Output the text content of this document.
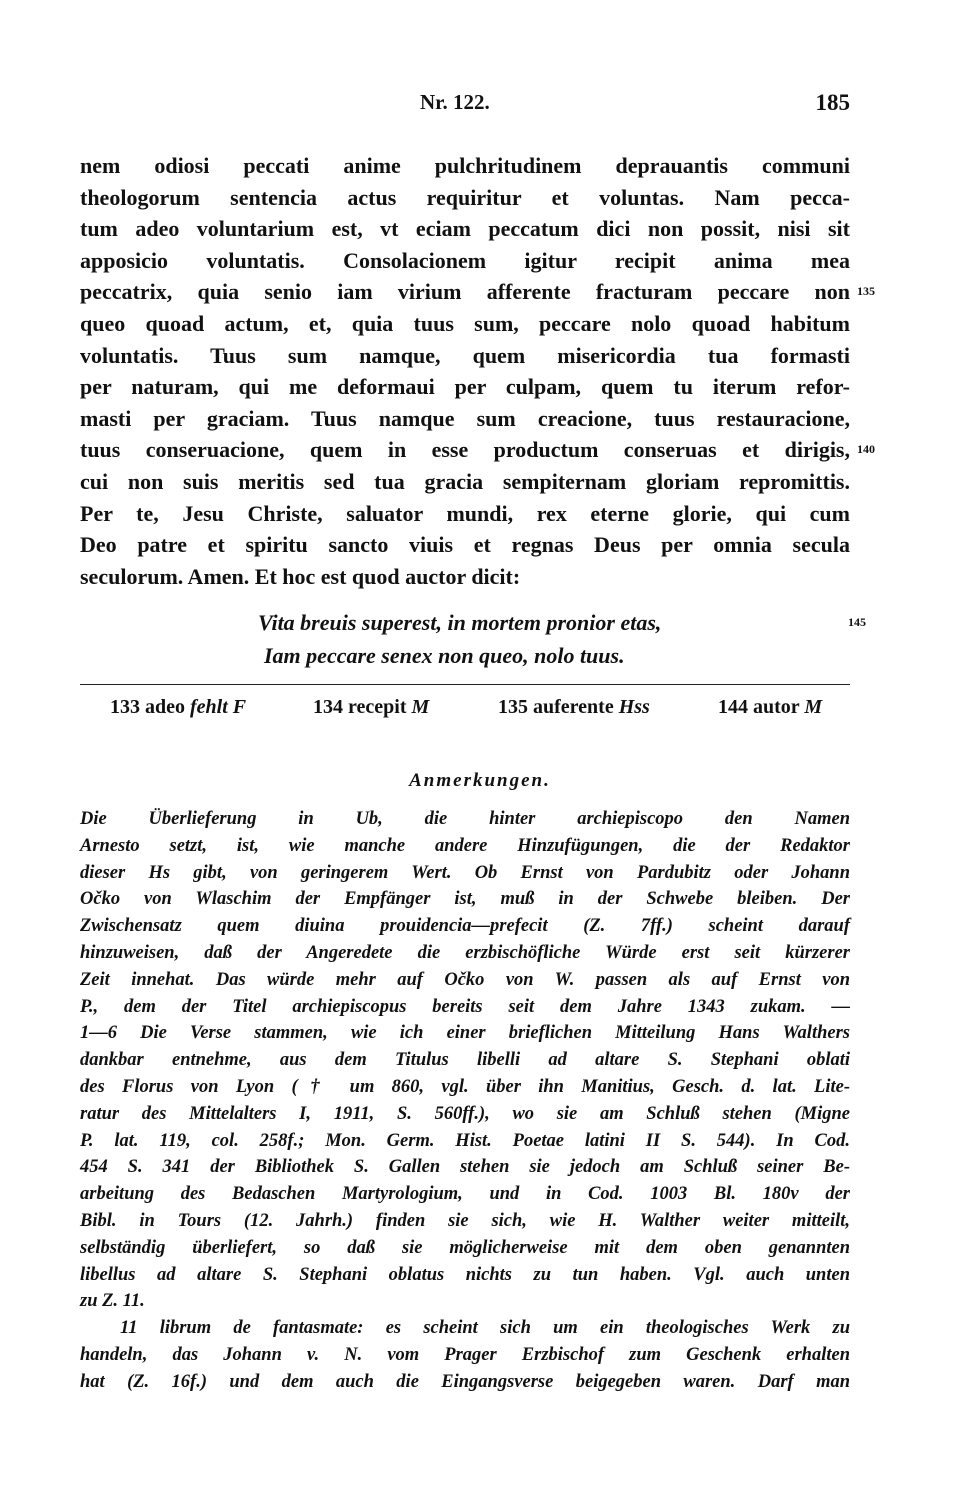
Nr. 122.	185
nem odiosi peccati anime pulchritudinem deprauantis communi
theologorum sentencia actus requiritur et voluntas. Nam pecca-
tum adeo voluntarium est, vt eciam peccatum dici non possit, nisi sit
apposicio voluntatis. Consolacionem igitur recipit anima mea
peccatrix, quia senio iam virium afferente fracturam peccare non 135
queo quoad actum, et, quia tuus sum, peccare nolo quoad habitum
voluntatis. Tuus sum namque, quem misericordia tua formasti
per naturam, qui me deformaui per culpam, quem tu iterum refor-
masti per graciam. Tuus namque sum creacione, tuus restauracione,
tuus conseruacione, quem in esse productum conseruas et dirigis, 140
cui non suis meritis sed tua gracia sempiternam gloriam repromittis.
Per te, Jesu Christe, saluator mundi, rex eterne glorie, qui cum
Deo patre et spiritu sancto viuis et regnas Deus per omnia secula
seculorum. Amen. Et hoc est quod auctor dicit:
Vita breuis superest, in mortem pronior etas,
Iam peccare senex non queo, nolo tuus.
145
133 adeo fehlt F	134 recepit M	135 auferente Hss	144 autor M
Anmerkungen.
Die Überlieferung in Ub, die hinter archiepiscopo den Namen
Arnesto setzt, ist, wie manche andere Hinzufügungen, die der Redaktor
dieser Hs gibt, von geringerem Wert. Ob Ernst von Pardubitz oder Johann
Očko von Wlaschim der Empfänger ist, muß in der Schwebe bleiben. Der
Zwischensatz quem diuina prouidencia—prefecit (Z. 7ff.) scheint darauf
hinzuweisen, daß der Angeredete die erzbischöfliche Würde erst seit kürzerer
Zeit innehat. Das würde mehr auf Očko von W. passen als auf Ernst von
P., dem der Titel archiepiscopus bereits seit dem Jahre 1343 zukam. —
1—6 Die Verse stammen, wie ich einer brieflichen Mitteilung Hans Walthers
dankbar entnehme, aus dem Titulus libelli ad altare S. Stephani oblati
des Florus von Lyon († um 860, vgl. über ihn Manitius, Gesch. d. lat. Lite-
ratur des Mittelalters I, 1911, S. 560ff.), wo sie am Schluß stehen (Migne
P. lat. 119, col. 258f.; Mon. Germ. Hist. Poetae latini II S. 544). In Cod.
454 S. 341 der Bibliothek S. Gallen stehen sie jedoch am Schluß seiner Be-
arbeitung des Bedaschen Martyrologium, und in Cod. 1003 Bl. 180v der
Bibl. in Tours (12. Jahrh.) finden sie sich, wie H. Walther weiter mitteilt,
selbständig überliefert, so daß sie möglicherweise mit dem oben genannten
libellus ad altare S. Stephani oblatus nichts zu tun haben. Vgl. auch unten
zu Z. 11.
11 librum de fantasmate: es scheint sich um ein theologisches Werk zu
handeln, das Johann v. N. vom Prager Erzbischof zum Geschenk erhalten
hat (Z. 16f.) und dem auch die Eingangsverse beigegeben waren. Darf man
